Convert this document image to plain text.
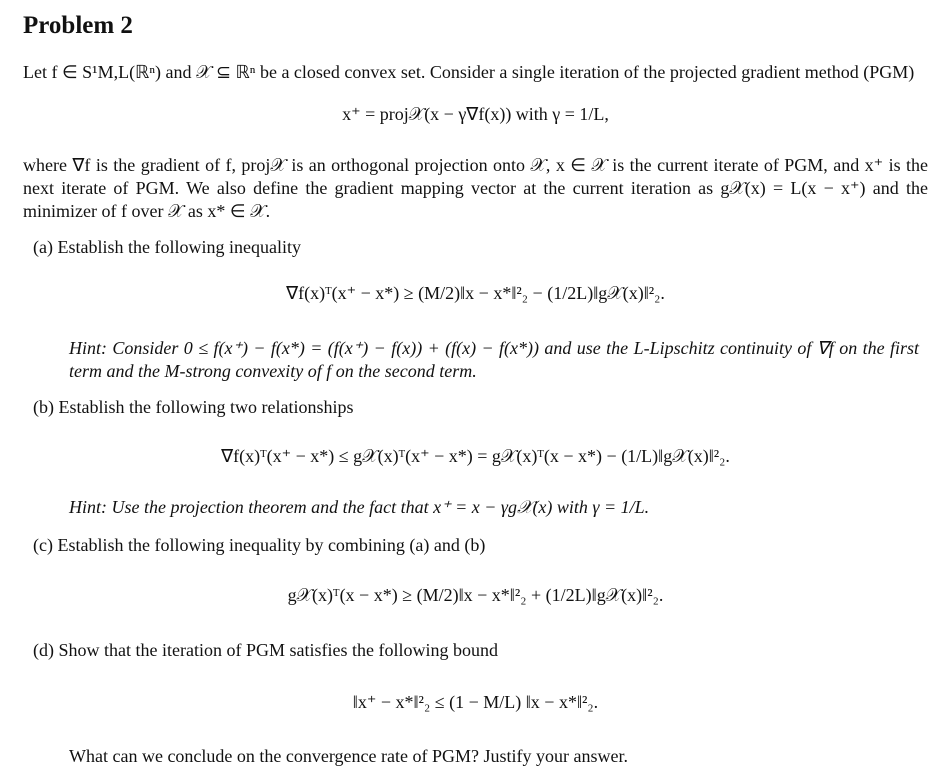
Problem 2
Let f ∈ S¹M,L(ℝⁿ) and 𝒳 ⊆ ℝⁿ be a closed convex set. Consider a single iteration of the projected gradient method (PGM)
x⁺ = proj𝒳(x − γ∇f(x)) with γ = 1/L,
where ∇f is the gradient of f, proj𝒳 is an orthogonal projection onto 𝒳, x ∈ 𝒳 is the current iterate of PGM, and x⁺ is the next iterate of PGM. We also define the gradient mapping vector at the current iteration as g𝒳(x) = L(x − x⁺) and the minimizer of f over 𝒳 as x* ∈ 𝒳.
(a) Establish the following inequality
∇f(x)ᵀ(x⁺ − x*) ≥ (M/2)‖x − x*‖²₂ − (1/2L)‖g𝒳(x)‖²₂.
Hint: Consider 0 ≤ f(x⁺) − f(x*) = (f(x⁺) − f(x)) + (f(x) − f(x*)) and use the L-Lipschitz continuity of ∇f on the first term and the M-strong convexity of f on the second term.
(b) Establish the following two relationships
∇f(x)ᵀ(x⁺ − x*) ≤ g𝒳(x)ᵀ(x⁺ − x*) = g𝒳(x)ᵀ(x − x*) − (1/L)‖g𝒳(x)‖²₂.
Hint: Use the projection theorem and the fact that x⁺ = x − γg𝒳(x) with γ = 1/L.
(c) Establish the following inequality by combining (a) and (b)
g𝒳(x)ᵀ(x − x*) ≥ (M/2)‖x − x*‖²₂ + (1/2L)‖g𝒳(x)‖²₂.
(d) Show that the iteration of PGM satisfies the following bound
‖x⁺ − x*‖²₂ ≤ (1 − M/L) ‖x − x*‖²₂.
What can we conclude on the convergence rate of PGM? Justify your answer.
